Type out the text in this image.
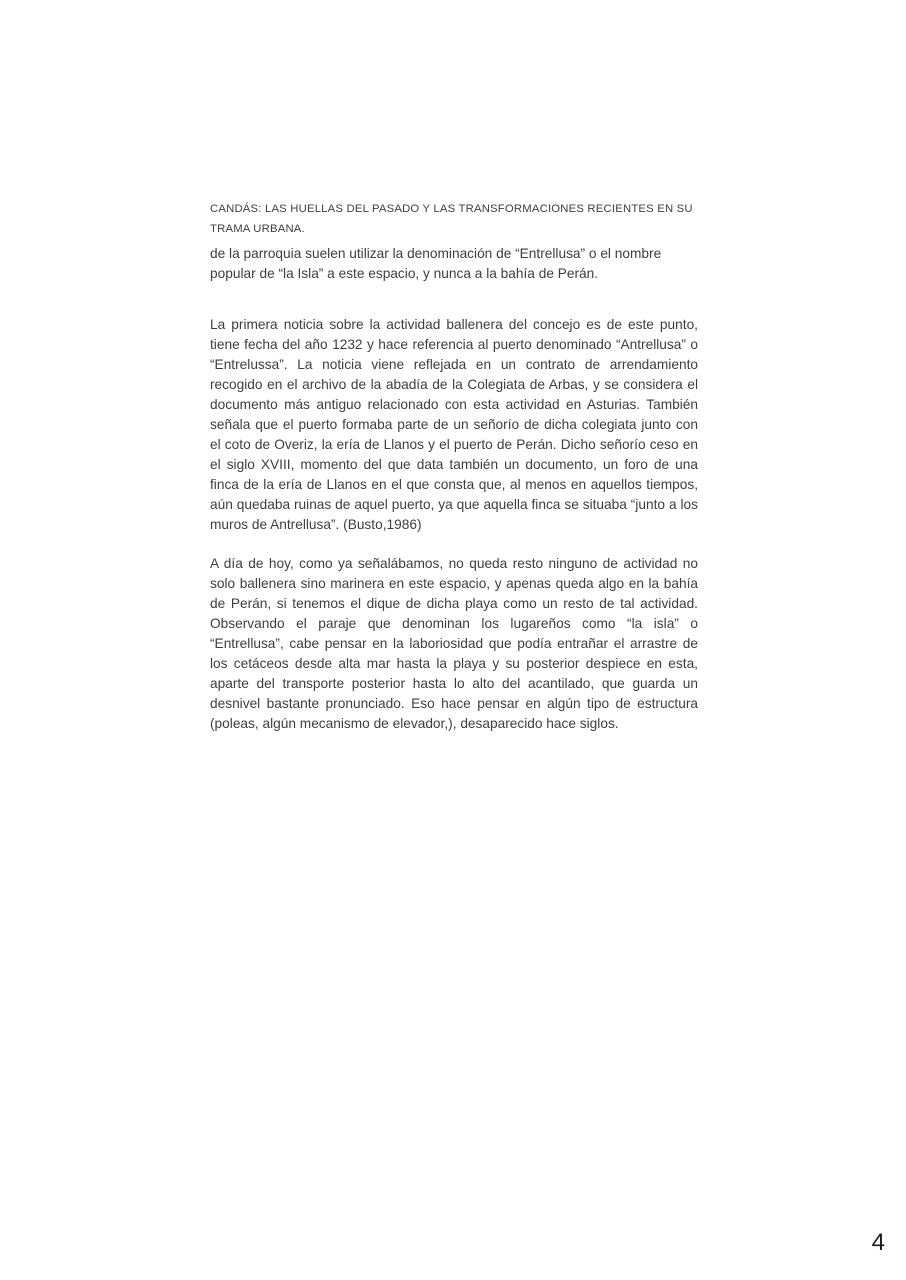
CANDÁS: LAS HUELLAS DEL PASADO Y LAS TRANSFORMACIONES RECIENTES EN SU TRAMA URBANA.

de la parroquia suelen utilizar la denominación de “Entrellusa” o el nombre popular de “la Isla” a este espacio, y nunca a la bahía de Perán.

La primera noticia sobre la actividad ballenera del concejo es de este punto, tiene fecha del año 1232 y hace referencia al puerto denominado “Antrellusa” o “Entrelussa”. La noticia viene reflejada en un contrato de arrendamiento recogido en el archivo de la abadía de la Colegiata de Arbas, y se considera el documento más antiguo relacionado con esta actividad en Asturias. También señala que el puerto formaba parte de un señorío de dicha colegiata junto con el coto de Overiz, la ería de Llanos y el puerto de Perán. Dicho señorío ceso en el siglo XVIII, momento del que data también un documento, un foro de una finca de la ería de Llanos en el que consta que, al menos en aquellos tiempos, aún quedaba ruinas de aquel puerto, ya que aquella finca se situaba “junto a los muros de Antrellusa”. (Busto,1986)

A día de hoy, como ya señalábamos, no queda resto ninguno de actividad no solo ballenera sino marinera en este espacio, y apenas queda algo en la bahía de Perán, si tenemos el dique de dicha playa como un resto de tal actividad. Observando el paraje que denominan los lugareños como “la isla” o “Entrellusa”, cabe pensar en la laboriosidad que podía entrañar el arrastre de los cetáceos desde alta mar hasta la playa y su posterior despiece en esta, aparte del transporte posterior hasta lo alto del acantilado, que guarda un desnivel bastante pronunciado. Eso hace pensar en algún tipo de estructura (poleas, algún mecanismo de elevador,), desaparecido hace siglos.

4
